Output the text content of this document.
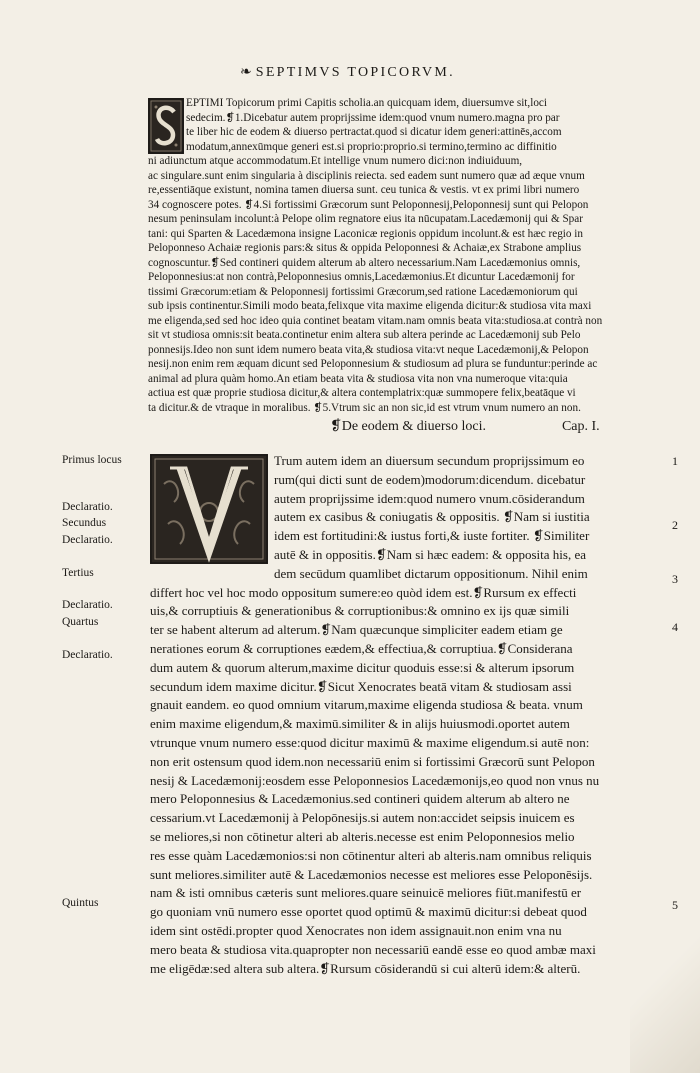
❧ SEPTIMVS TOPICORVM.
EPTIMI Topicorum primi Capitis scholia.an quicquam idem, diuersumve sit,loci
sedecim.❡1.Dicebatur autem proprijssime idem:quod vnum numero.magna pro par
te liber hic de eodem & diuerso pertractat.quod si dicatur idem generi:attinēs,accom
modatum,annexūmque generi est.si proprio:proprio.si termino,termino ac diffinitio
ni adiunctum atque accommodatum.Et intellige vnum numero dici:non indiuiduum,
ac singulare.sunt enim singularia à disciplinis reiecta. sed eadem sunt numero quæ ad æque vnum
re,essentiāque existunt, nomina tamen diuersa sunt. ceu tunica & vestis. vt ex primi libri numero
34 cognoscere potes. ❡4.Si fortissimi Græcorum sunt Peloponnesij,Peloponnesij sunt qui Pelopon
nesum peninsulam incolunt:à Pelope olim regnatore eius ita nūcupatam.Lacedæmonij qui & Spar
tani: qui Sparten & Lacedæmona insigne Laconicæ regionis oppidum incolunt.& est hæc regio in
Peloponneso Achaiæ regionis pars:& situs & oppida Peloponnesi & Achaiæ,ex Strabone amplius
cognoscuntur.❡Sed contineri quidem alterum ab altero necessarium.Nam Lacedæmonius omnis,
Peloponnesius:at non contrà,Peloponnesius omnis,Lacedæmonius.Et dicuntur Lacedæmonij for
tissimi Græcorum:etiam & Peloponnesij fortissimi Græcorum,sed ratione Lacedæmoniorum qui
sub ipsis continentur.Simili modo beata,felixque vita maxime eligenda dicitur:& studiosa vita maxi
me eligenda,sed sed hoc ideo quia continet beatam vitam.nam omnis beata vita:studiosa.at contrà non
sit vt studiosa omnis:sit beata.continetur enim altera sub altera perinde ac Lacedæmonij sub Pelo
ponnesijs.Ideo non sunt idem numero beata vita,& studiosa vita:vt neque Lacedæmonij,& Pelopon
nesij.non enim rem æquam dicunt sed Peloponnesium & studiosum ad plura se funduntur:perinde ac
animal ad plura quàm homo.An etiam beata vita & studiosa vita non vna numeroque vita:quia
actiua est quæ proprie studiosa dicitur,& altera contemplatrix:quæ summopere felix,beatāque vi
ta dicitur.& de vtraque in moralibus. ❡5.Vtrum sic an non sic,id est vtrum vnum numero an non.
❡De eodem & diuerso loci.	Cap. I.
Primus locus
Declaratio.
Secundus
Declaratio.
Tertius
Declaratio.
Quartus
Declaratio.
Quintus
Trum autem idem an diuersum secundum proprijssimum eo
rum(qui dicti sunt de eodem)modorum:dicendum. dicebatur
autem proprijssime idem:quod numero vnum.cōsiderandum
autem ex casibus & coniugatis & oppositis. ❡Nam si iustitia
idem est fortitudini:& iustus forti,& iuste fortiter. ❡Similiter
autē & in oppositis.❡Nam si hæc eadem: & opposita his, ea
dem secūdum quamlibet dictarum oppositionum. Nihil enim
differt hoc vel hoc modo oppositum sumere:eo quòd idem est.❡Rursum ex effecti
uis,& corruptiuis & generationibus & corruptionibus:& omnino ex ijs quæ simili
ter se habent alterum ad alterum.❡Nam quæcunque simpliciter eadem etiam ge
nerationes eorum & corruptiones eædem,& effectiua,& corruptiua.❡Considerana
dum autem & quorum alterum,maxime dicitur quoduis esse:si & alterum ipsorum
secundum idem maxime dicitur.❡Sicut Xenocrates beatā vitam & studiosam assi
gnauit eandem. eo quod omnium vitarum,maxime eligenda studiosa & beata. vnum
enim maxime eligendum,& maximū.similiter & in alijs huiusmodi.oportet autem
vtrunque vnum numero esse:quod dicitur maximū & maxime eligendum.si autē non:
non erit ostensum quod idem.non necessariū enim si fortissimi Græcorū sunt Pelopon
nesij & Lacedæmonij:eosdem esse Peloponnesios Lacedæmonijs,eo quod non vnus nu
mero Peloponnesius & Lacedæmonius.sed contineri quidem alterum ab altero ne
cessarium.vt Lacedæmonij à Pelopōnesijs.si autem non:accidet seipsis inuicem es
se meliores,si non cōtinetur alteri ab alteris.necesse est enim Peloponnesios melio
res esse quàm Lacedæmonios:si non cōtinentur alteri ab alteris.nam omnibus reliquis
sunt meliores.similiter autē & Lacedæmonios necesse est meliores esse Peloponēsijs.
nam & isti omnibus cæteris sunt meliores.quare seinuicē meliores fiūt.manifestū er
go quoniam vnū numero esse oportet quod optimū & maximū dicitur:si debeat quod
idem sint ostēdi.propter quod Xenocrates non idem assignauit.non enim vna nu
mero beata & studiosa vita.quapropter non necessariū eandē esse eo quod ambæ maxi
me eligēdæ:sed altera sub altera.❡Rursum cōsiderandū si cui alterū idem:& alterū.
1
2
3
4
5
